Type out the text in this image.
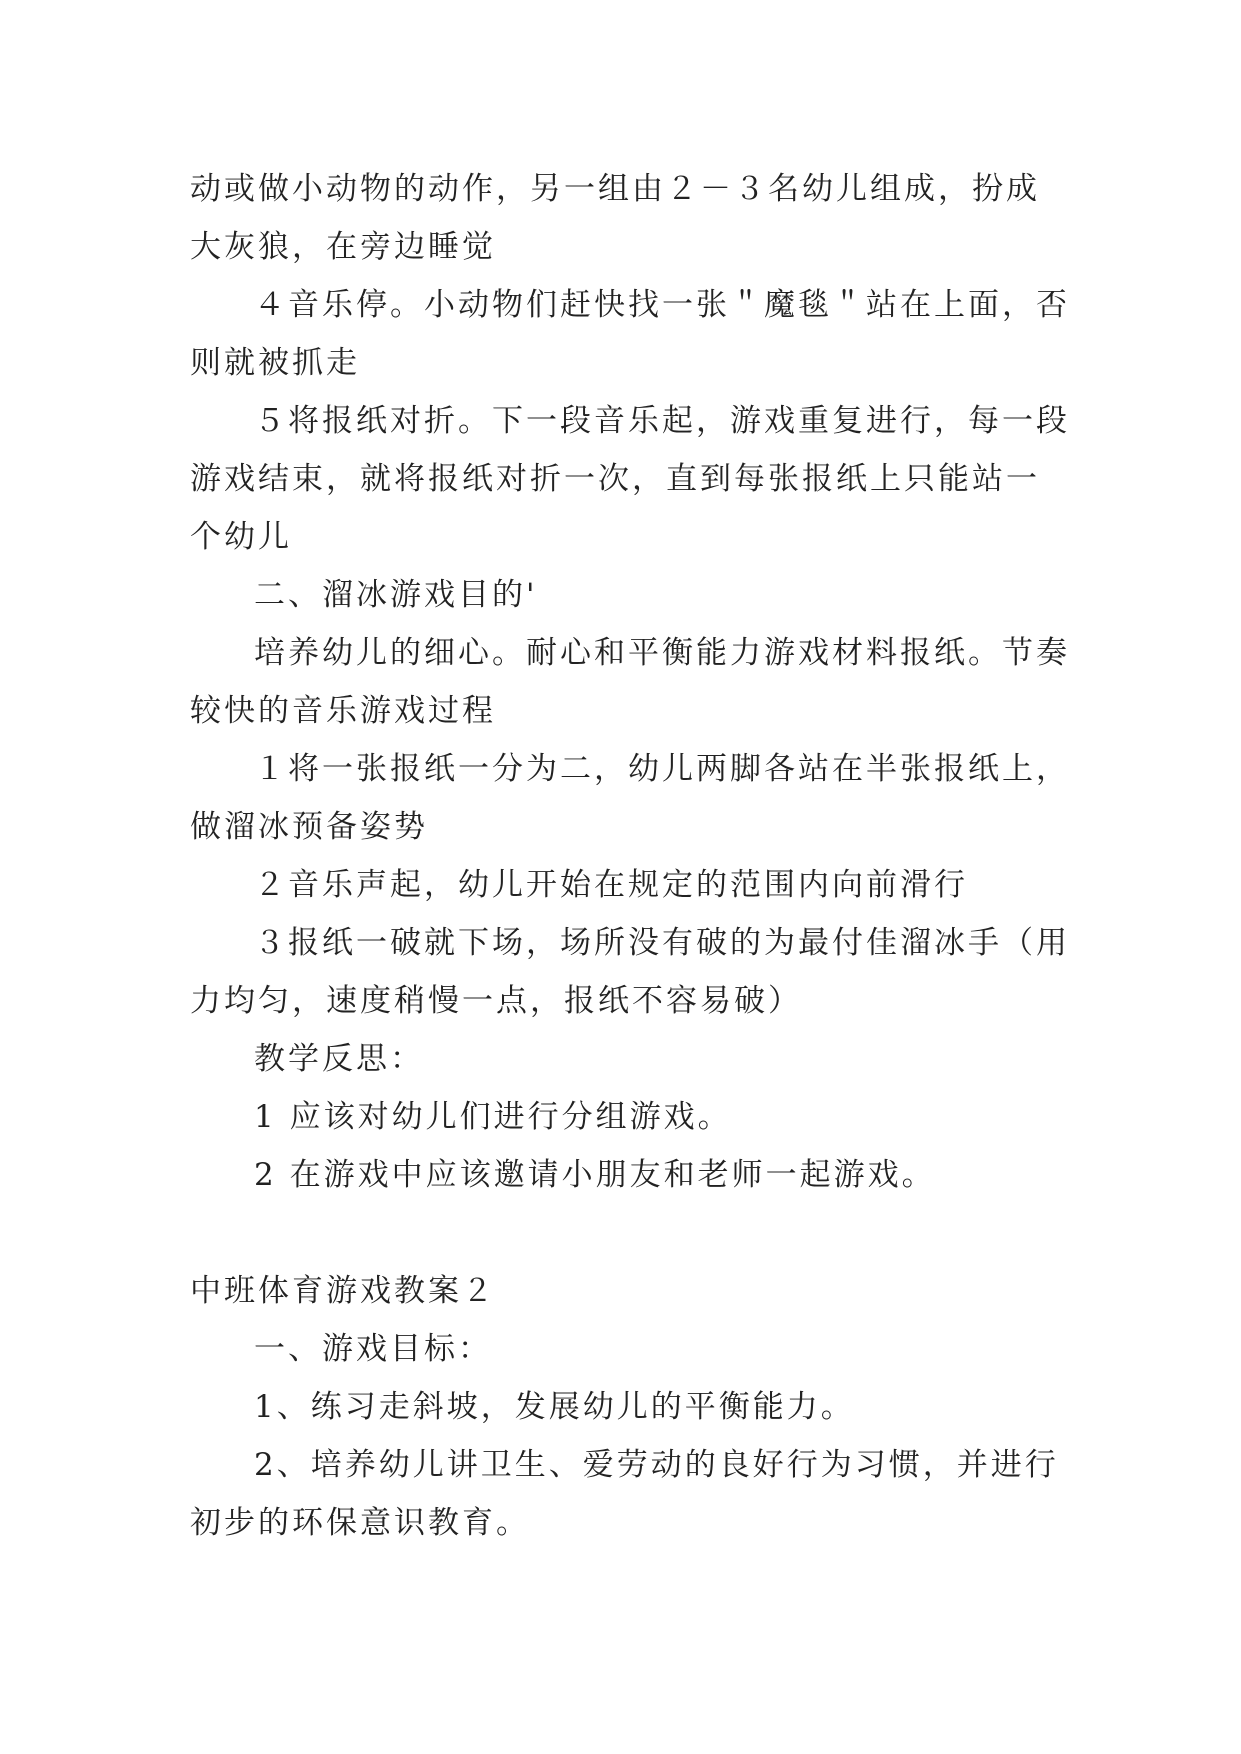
动或做小动物的动作，另一组由２－３名幼儿组成，扮成大灰狼，在旁边睡觉

４音乐停。小动物们赶快找一张＂魔毯＂站在上面，否则就被抓走

５将报纸对折。下一段音乐起，游戏重复进行，每一段游戏结束，就将报纸对折一次，直到每张报纸上只能站一个幼儿

二、溜冰游戏目的'

培养幼儿的细心。耐心和平衡能力游戏材料报纸。节奏较快的音乐游戏过程

１将一张报纸一分为二，幼儿两脚各站在半张报纸上，做溜冰预备姿势

２音乐声起，幼儿开始在规定的范围内向前滑行

３报纸一破就下场，场所没有破的为最付佳溜冰手（用力均匀，速度稍慢一点，报纸不容易破）

教学反思：

1 应该对幼儿们进行分组游戏。

2 在游戏中应该邀请小朋友和老师一起游戏。

中班体育游戏教案２

一、游戏目标：

1、练习走斜坡，发展幼儿的平衡能力。

2、培养幼儿讲卫生、爱劳动的良好行为习惯，并进行初步的环保意识教育。
